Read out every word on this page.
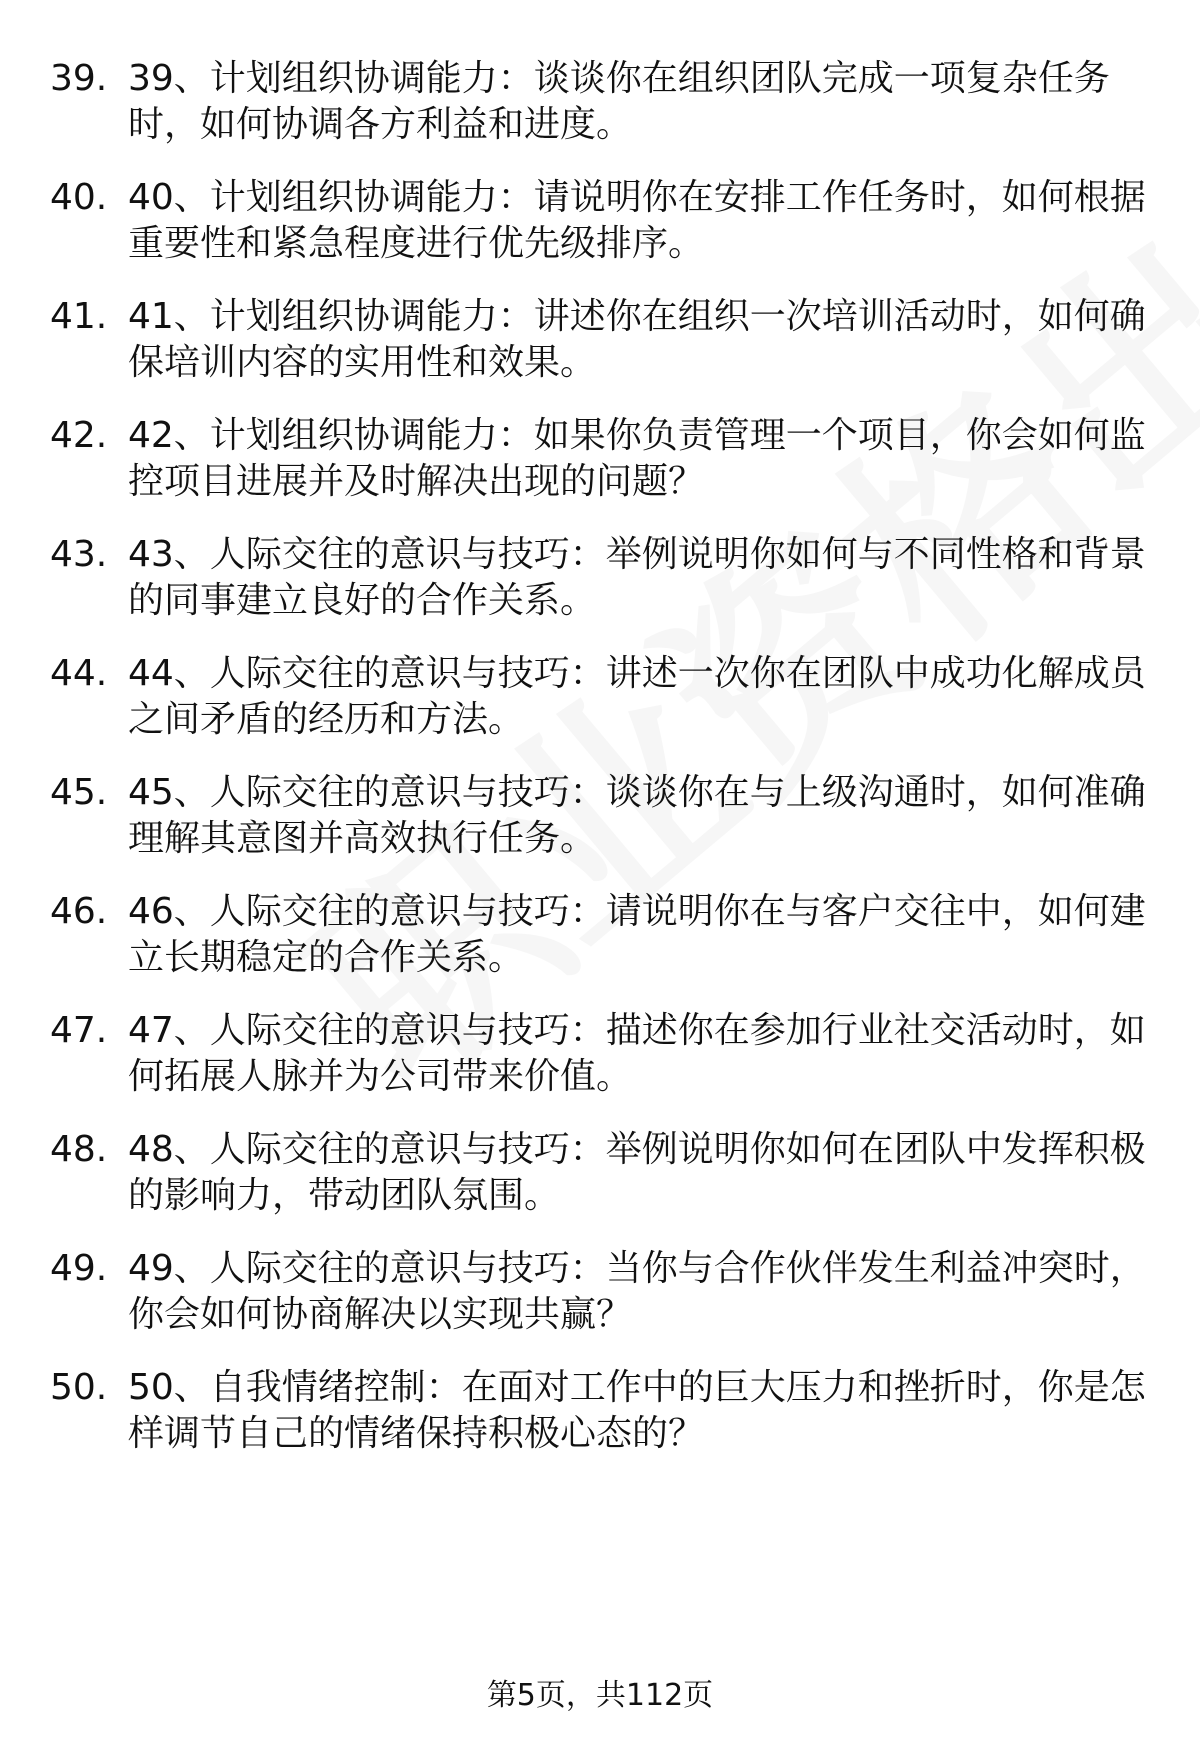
39. 39、计划组织协调能力：谈谈你在组织团队完成一项复杂任务
时，如何协调各方利益和进度。
40. 40、计划组织协调能力：请说明你在安排工作任务时，如何根据
重要性和紧急程度进行优先级排序。
41. 41、计划组织协调能力：讲述你在组织一次培训活动时，如何确
保培训内容的实用性和效果。
42. 42、计划组织协调能力：如果你负责管理一个项目，你会如何监
控项目进展并及时解决出现的问题？
43. 43、人际交往的意识与技巧：举例说明你如何与不同性格和背景
的同事建立良好的合作关系。
44. 44、人际交往的意识与技巧：讲述一次你在团队中成功化解成员
之间矛盾的经历和方法。
45. 45、人际交往的意识与技巧：谈谈你在与上级沟通时，如何准确
理解其意图并高效执行任务。
46. 46、人际交往的意识与技巧：请说明你在与客户交往中，如何建
立长期稳定的合作关系。
47. 47、人际交往的意识与技巧：描述你在参加行业社交活动时，如
何拓展人脉并为公司带来价值。
48. 48、人际交往的意识与技巧：举例说明你如何在团队中发挥积极
的影响力，带动团队氛围。
49. 49、人际交往的意识与技巧：当你与合作伙伴发生利益冲突时，
你会如何协商解决以实现共赢？
50. 50、自我情绪控制：在面对工作中的巨大压力和挫折时，你是怎
样调节自己的情绪保持积极心态的？
第5页，共112页
